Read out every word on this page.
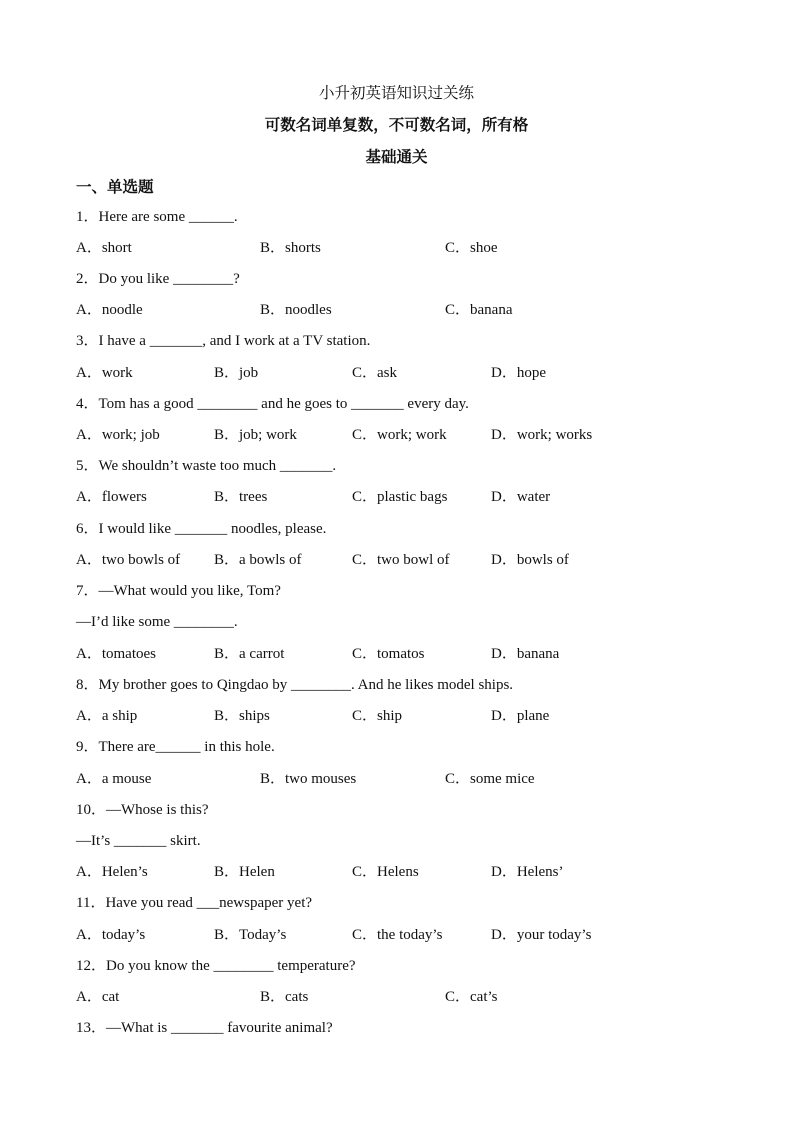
小升初英语知识过关练
可数名词单复数，不可数名词，所有格
基础通关
一、单选题
1．Here are some ______.
A．short	B．shorts	C．shoe
2．Do you like ________?
A．noodle	B．noodles	C．banana
3．I have a _______, and I work at a TV station.
A．work	B．job	C．ask	D．hope
4．Tom has a good ________ and he goes to _______ every day.
A．work; job	B．job; work	C．work; work	D．work; works
5．We shouldn’t waste too much _______.
A．flowers	B．trees	C．plastic bags	D．water
6．I would like _______ noodles, please.
A．two bowls of B．a bowls of	C．two bowl of	D．bowls of
7．—What would you like, Tom?
—I’d like some ________.
A．tomatoes	B．a carrot	C．tomatos	D．banana
8．My brother goes to Qingdao by ________. And he likes model ships.
A．a ship	B．ships	C．ship	D．plane
9．There are______ in this hole.
A．a mouse	B．two mouses	C．some mice
10．—Whose is this?
—It’s _______ skirt.
A．Helen’s	B．Helen	C．Helens	D．Helens’
11．Have you read ___newspaper yet?
A．today’s	B．Today’s	C．the today’s	D．your today’s
12．Do you know the ________ temperature?
A．cat	B．cats	C．cat’s
13．—What is _______ favourite animal?
